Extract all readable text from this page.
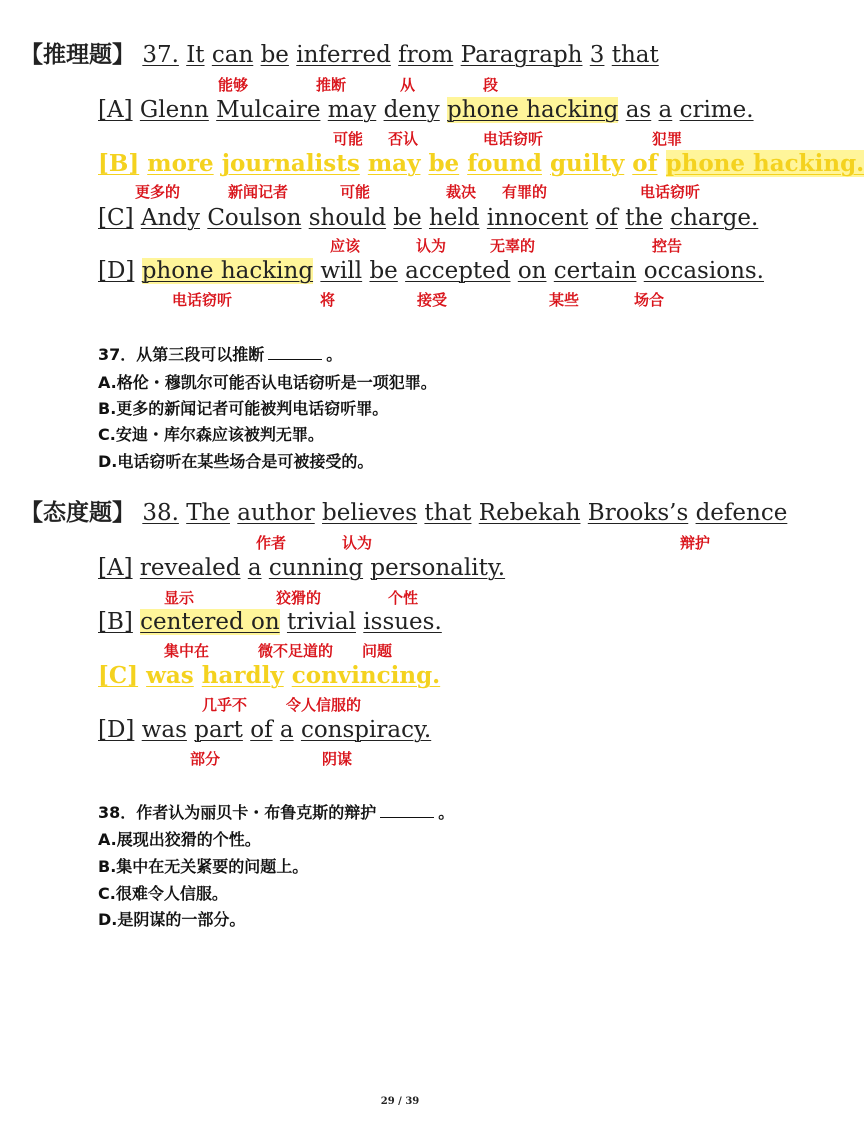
【推理题】 37. It can be inferred from Paragraph 3 that
能够	推断	从	段
[A] Glenn Mulcaire may deny phone hacking as a crime.
可能 否认	电话窃听	犯罪
[B] more journalists may be found guilty of phone hacking.
更多的	新闻记者	可能	裁决 有罪的	电话窃听
[C] Andy Coulson should be held innocent of the charge.
应该	认为	无辜的	控告
[D] phone hacking will be accepted on certain occasions.
电话窃听	将	接受	某些	场合
37．从第三段可以推断	。
A.格伦・穆凯尔可能否认电话窃听是一项犯罪。
B.更多的新闻记者可能被判电话窃听罪。
C.安迪・库尔森应该被判无罪。
D.电话窃听在某些场合是可被接受的。
【态度题】 38. The author believes that Rebekah Brooks’s defence
作者	认为	辩护
[A] revealed a cunning personality.
显示	狡猾的	个性
[B] centered on trivial issues.
集中在	微不足道的 问题
[C] was hardly convincing.
几乎不	令人信服的
[D] was part of a conspiracy.
部分	阴谋
38．作者认为丽贝卡・布鲁克斯的辩护	。
A.展现出狡猾的个性。
B.集中在无关紧要的问题上。
C.很难令人信服。
D.是阴谋的一部分。
29 / 39
